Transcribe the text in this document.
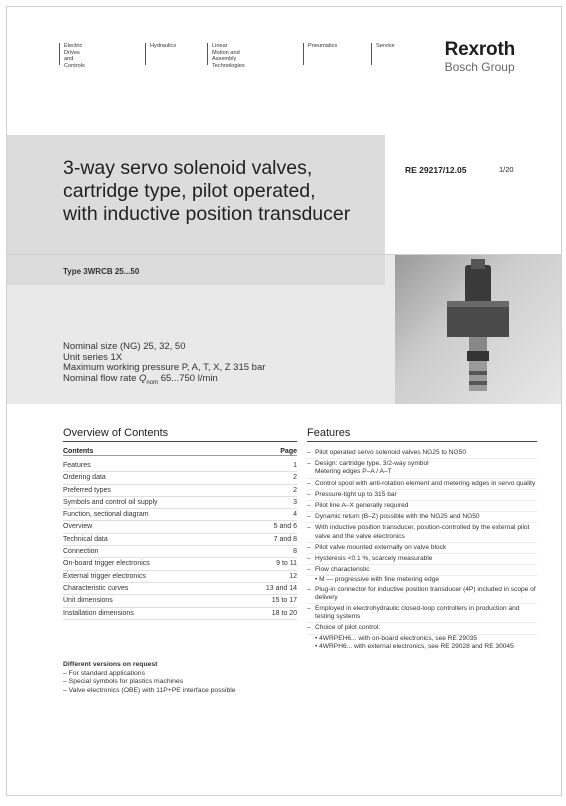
Electric Drives
and Controls
Hydraulics	Linear Motion and
Assembly Technologies
Pneumatics	Service	Rexroth
Bosch Group
3-way servo solenoid valves,
cartridge type, pilot operated,
with inductive position transducer
RE 29217/12.05	1/20
Type 3WRCB 25...50
Nominal size (NG) 25, 32, 50
Unit series 1X
Maximum working pressure P, A, T, X, Z 315 bar
Nominal flow rate $Q_{nom}$ 65...750 l/min
Overview of Contents
Contents	Page
Features	1
Ordering data	2
Preferred types	2
Symbols and control oil supply	3
Function, sectional diagram	4
Overview	5 and 6
Technical data	7 and 8
Connection	8
On-board trigger electronics	9 to 11
External trigger electronics	12
Characteristic curves	13 and 14
Unit dimensions	15 to 17
Installation dimensions	18 to 20
Different versions on request
– For standard applications
– Special symbols for plastics machines
– Valve electronics (OBE) with 11P+PE interface possible
Features
– Pilot operated servo solenoid valves NG25 to NG50
– Design: cartridge type, 3/2-way symbol
Metering edges P–A / A–T
– Control spool with anti-rotation element and metering edges in servo quality
– Pressure-tight up to 315 bar
– Pilot line A–X generally required
– Dynamic return (B–Z) possible with the NG25 and NG50
– With inductive position transducer, position-controlled by the external pilot valve and the valve electronics
– Pilot valve mounted externally on valve block
– Hysteresis <0.1 %, scarcely measurable
– Flow characteristic
• M — progressive with fine metering edge
– Plug-in connector for inductive position transducer (4P) included in scope of delivery
– Employed in electrohydraulic closed-loop controllers in production and testing systems
– Choice of pilot control:
• 4WRPEH6... with on-board electronics, see RE 29035
• 4WRPH6... with external electronics, see RE 29028 and RE 30045
